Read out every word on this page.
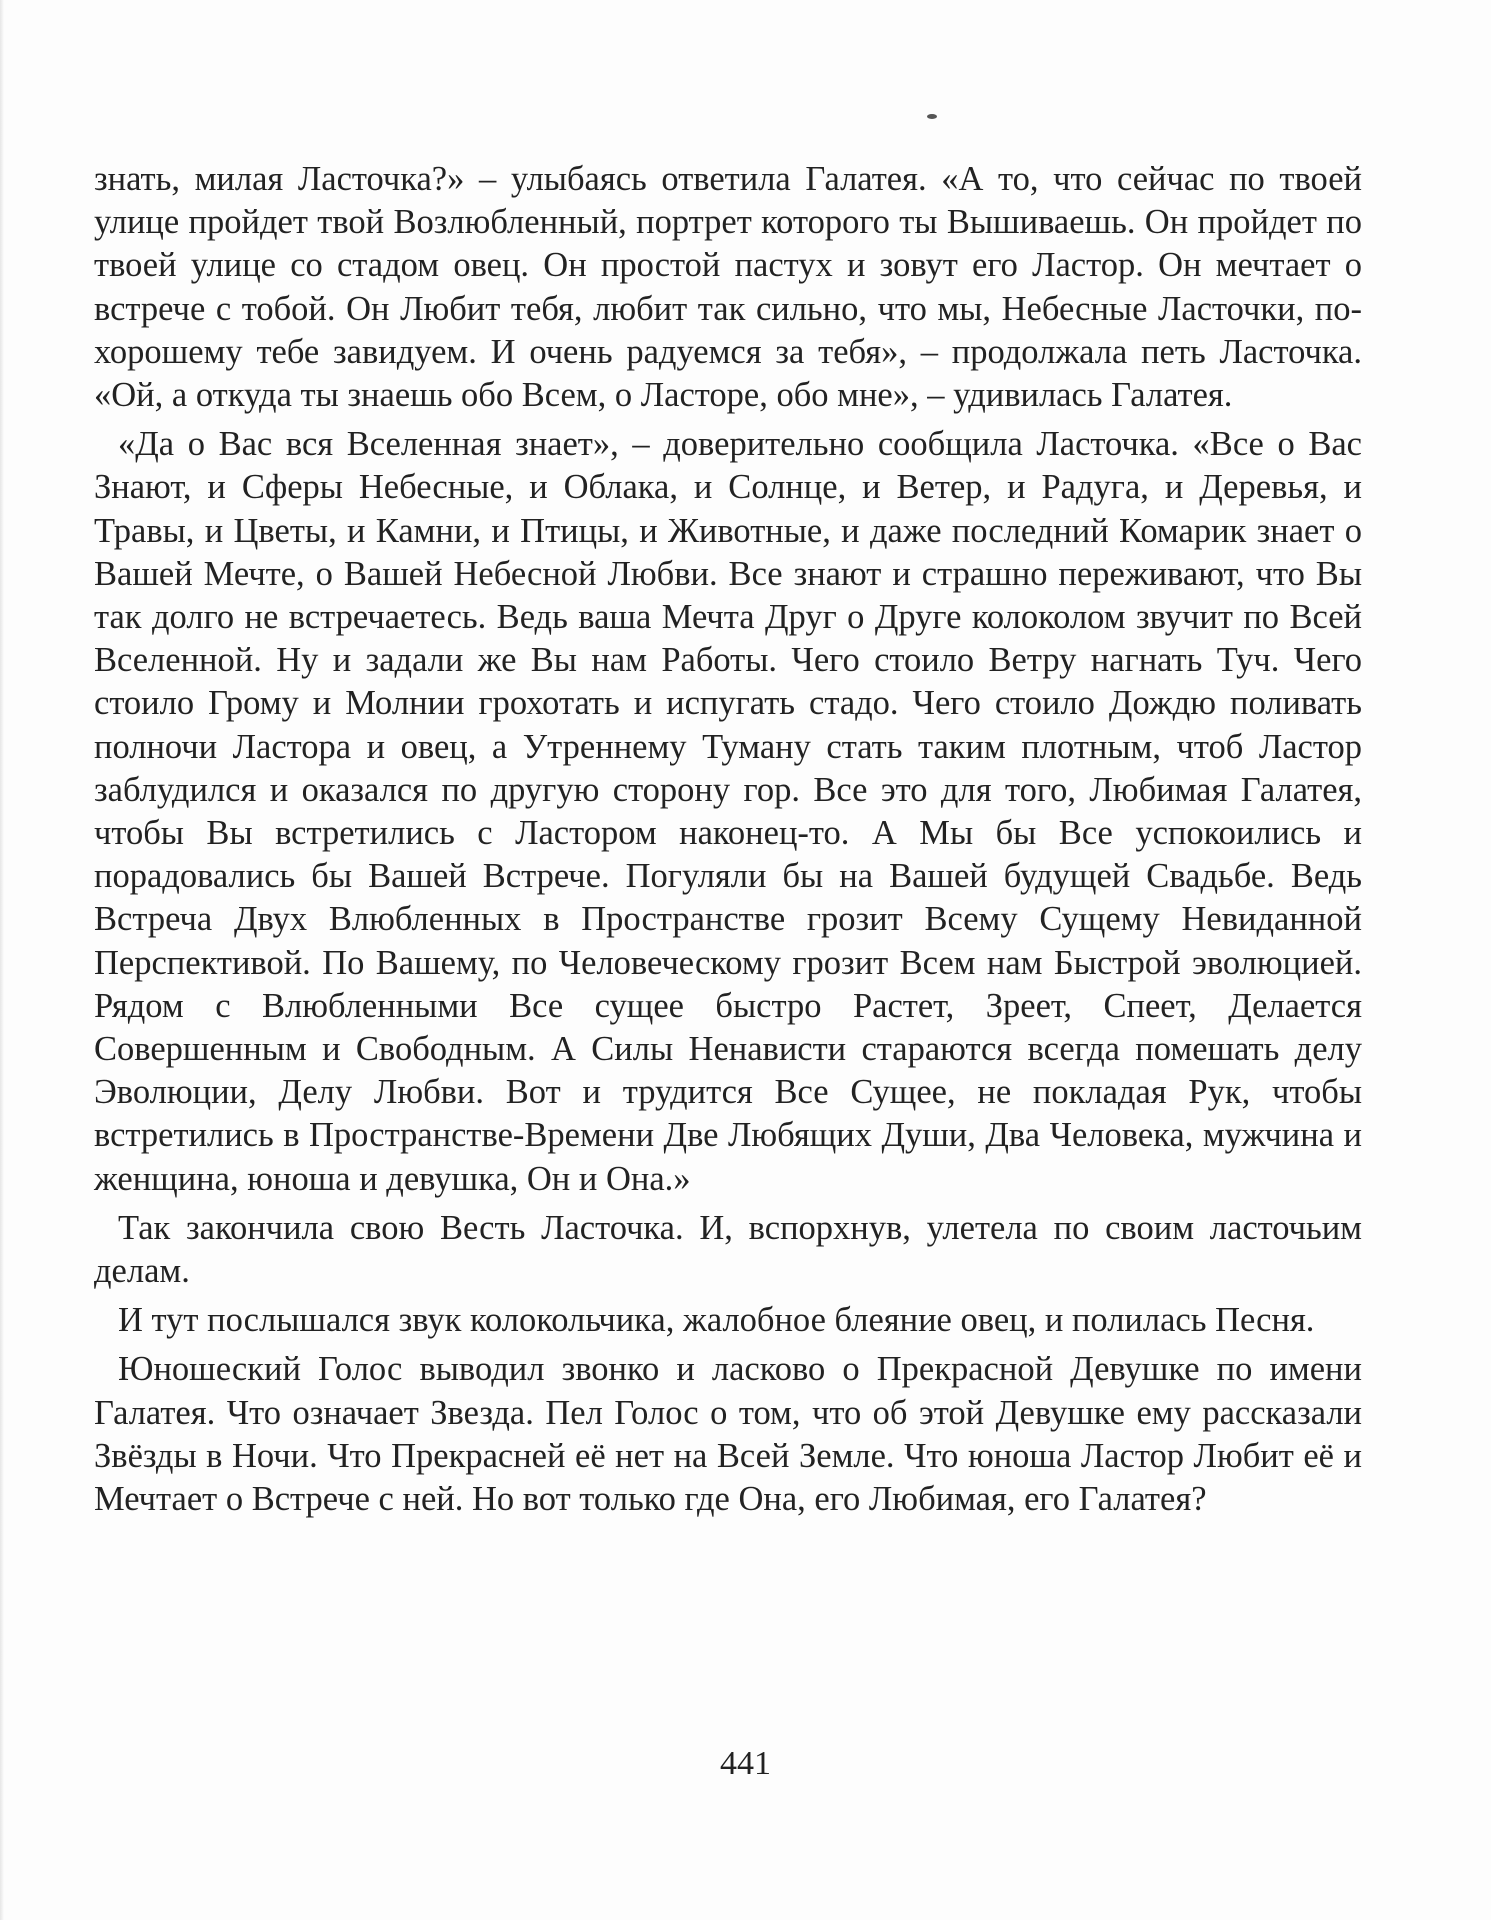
знать, милая Ласточка?» – улыбаясь ответила Галатея. «А то, что сейчас по твоей улице пройдет твой Возлюбленный, портрет которого ты Вышиваешь. Он пройдет по твоей улице со стадом овец. Он простой пастух и зовут его Ластор. Он мечтает о встрече с тобой. Он Любит тебя, любит так сильно, что мы, Небесные Ласточки, по-хорошему тебе завидуем. И очень радуемся за тебя», – продолжала петь Ласточка. «Ой, а откуда ты знаешь обо Всем, о Ласторе, обо мне», – удивилась Галатея.

«Да о Вас вся Вселенная знает», – доверительно сообщила Ласточка. «Все о Вас Знают, и Сферы Небесные, и Облака, и Солнце, и Ветер, и Радуга, и Деревья, и Травы, и Цветы, и Камни, и Птицы, и Животные, и даже последний Комарик знает о Вашей Мечте, о Вашей Небесной Любви. Все знают и страшно переживают, что Вы так долго не встречаетесь. Ведь ваша Мечта Друг о Друге колоколом звучит по Всей Вселенной. Ну и задали же Вы нам Работы. Чего стоило Ветру нагнать Туч. Чего стоило Грому и Молнии грохотать и испугать стадо. Чего стоило Дождю поливать полночи Ластора и овец, а Утреннему Туману стать таким плотным, чтоб Ластор заблудился и оказался по другую сторону гор. Все это для того, Любимая Галатея, чтобы Вы встретились с Ластором наконец-то. А Мы бы Все успокоились и порадовались бы Вашей Встрече. Погуляли бы на Вашей будущей Свадьбе. Ведь Встреча Двух Влюбленных в Пространстве грозит Всему Сущему Невиданной Перспективой. По Вашему, по Человеческому грозит Всем нам Быстрой эволюцией. Рядом с Влюбленными Все сущее быстро Растет, Зреет, Спеет, Делается Совершенным и Свободным. А Силы Ненависти стараются всегда помешать делу Эволюции, Делу Любви. Вот и трудится Все Сущее, не покладая Рук, чтобы встретились в Пространстве-Времени Две Любящих Души, Два Человека, мужчина и женщина, юноша и девушка, Он и Она.»

Так закончила свою Весть Ласточка. И, вспорхнув, улетела по своим ласточьим делам.

И тут послышался звук колокольчика, жалобное блеяние овец, и полилась Песня.

Юношеский Голос выводил звонко и ласково о Прекрасной Девушке по имени Галатея. Что означает Звезда. Пел Голос о том, что об этой Девушке ему рассказали Звёзды в Ночи. Что Прекрасней её нет на Всей Земле. Что юноша Ластор Любит её и Мечтает о Встрече с ней. Но вот только где Она, его Любимая, его Галатея?

441
